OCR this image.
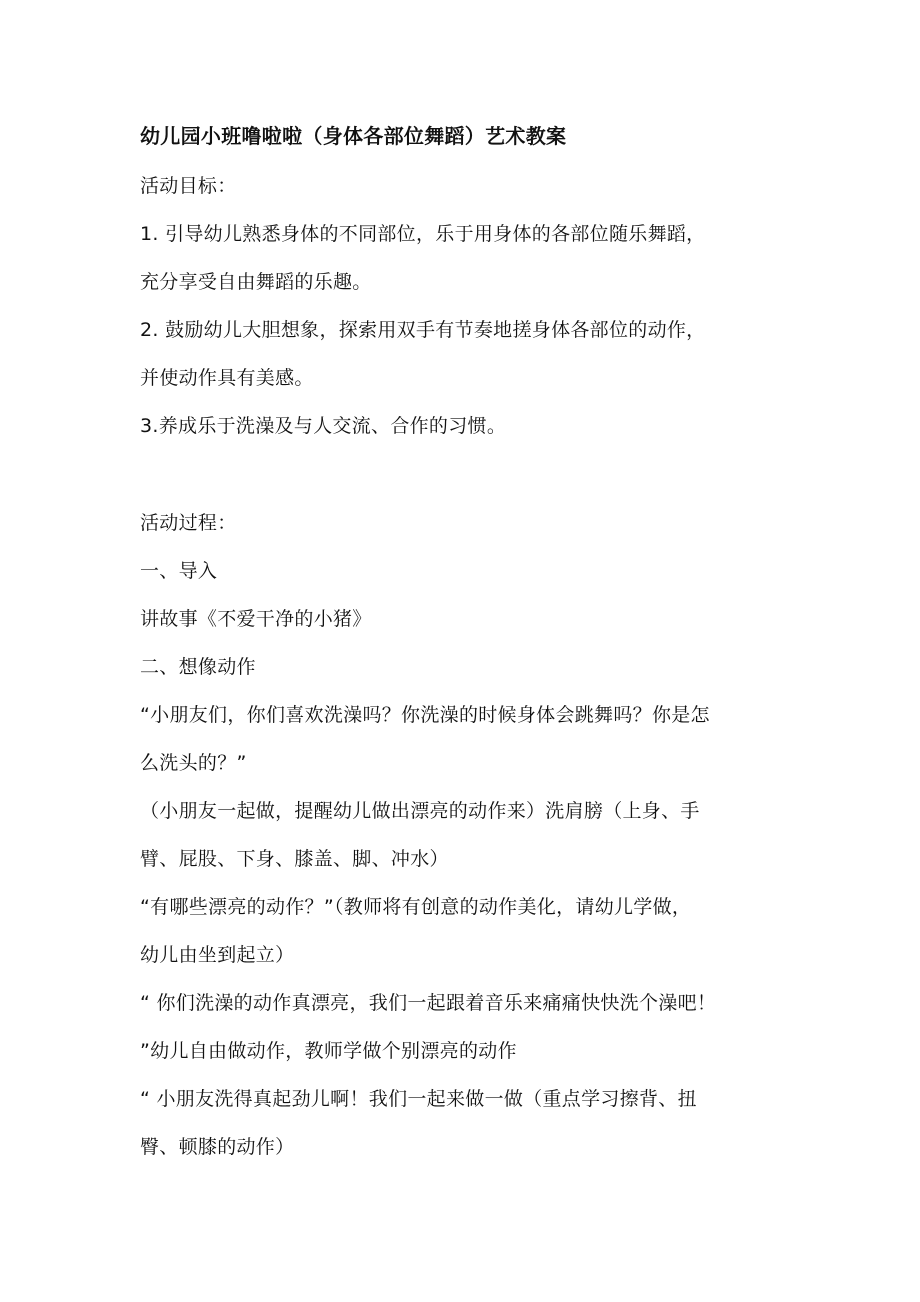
幼儿园小班噜啦啦（身体各部位舞蹈）艺术教案
活动目标：
1. 引导幼儿熟悉身体的不同部位，乐于用身体的各部位随乐舞蹈，
充分享受自由舞蹈的乐趣。
2. 鼓励幼儿大胆想象，探索用双手有节奏地搓身体各部位的动作，
并使动作具有美感。
3.养成乐于洗澡及与人交流、合作的习惯。
活动过程：
一、导入
讲故事《不爱干净的小猪》
二、想像动作
“小朋友们，你们喜欢洗澡吗？你洗澡的时候身体会跳舞吗？你是怎
么洗头的？”
（小朋友一起做，提醒幼儿做出漂亮的动作来）洗肩膀（上身、手
臂、屁股、下身、膝盖、脚、冲水）
“有哪些漂亮的动作？”（教师将有创意的动作美化，请幼儿学做，
幼儿由坐到起立）
“ 你们洗澡的动作真漂亮，我们一起跟着音乐来痛痛快快洗个澡吧！
”幼儿自由做动作，教师学做个别漂亮的动作
“ 小朋友洗得真起劲儿啊！我们一起来做一做（重点学习擦背、扭
臀、顿膝的动作）
